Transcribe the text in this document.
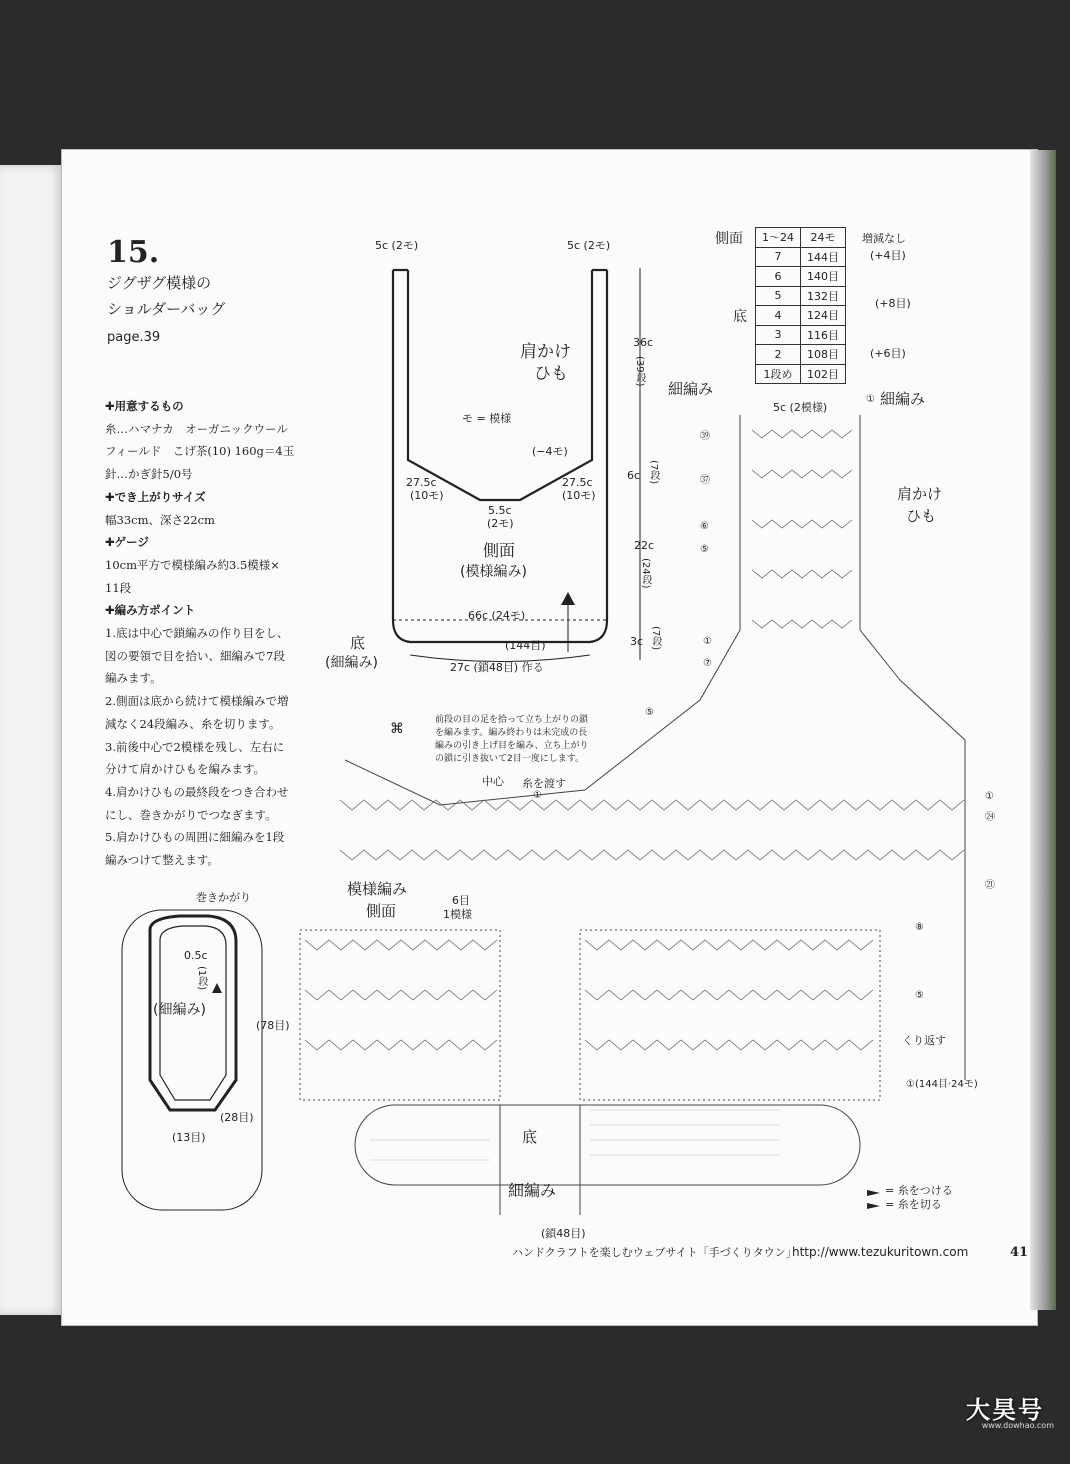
15.
ジグザグ模様の
ショルダーバッグ
page.39
✚用意するもの
糸…ハマナカ　オーガニックウール
フィールド　こげ茶(10) 160g＝4玉
針…かぎ針5/0号
✚でき上がりサイズ
幅33cm、深さ22cm
✚ゲージ
10cm平方で模様編み約3.5模様×
11段
✚編み方ポイント
1.底は中心で鎖編みの作り目をし、
図の要領で目を拾い、細編みで7段
編みます。
2.側面は底から続けて模様編みで増
減なく24段編み、糸を切ります。
3.前後中心で2模様を残し、左右に
分けて肩かけひもを編みます。
4.肩かけひもの最終段をつき合わせ
にし、巻きかがりでつなぎます。
5.肩かけひもの周囲に細編みを1段
編みつけて整えます。
5c (2モ)	5c (2モ)
肩かけ
ひも
モ = 模様
(−4モ)
27.5c
(10モ)
27.5c
(10モ)
5.5c
(2モ)
側面
(模様編み)
66c (24モ)
(144目)
底
(細編み)	27c (鎖48目) 作る
36c
(39段)
6c (7段)
22c
(24段)
3c (7段)
側面
底
1〜24	24モ
7	144目
6	140目
5	132目
4	124目
3	116目
2	108目
1段め	102目
増減なし
(+4目)
(+8目)
(+6目)
細編み
細編み
5c (2模様)
肩かけ
ひも
㊴
㊲
⑥
⑤
①
⑦
⑤
①
①
①
㉔
㉑
⑧
⑤
①(144目·24モ)
くり返す
⌘
前段の目の足を拾って立ち上がりの鎖
を編みます。編み終わりは未完成の長
編みの引き上げ目を編み、立ち上がり
の鎖に引き抜いて2目一度にします。
中心 糸を渡す
模様編み
側面
6目
1模様
底
細編み
(鎖48目)
= 糸をつける
= 糸を切る
巻きかがり
0.5c
(1段)
(細編み)
(78目)
(28目)
(13目)
ハンドクラフトを楽しむウェブサイト「手づくりタウン」
http://www.tezukuritown.com	41
大昊号
www.dowhao.com
